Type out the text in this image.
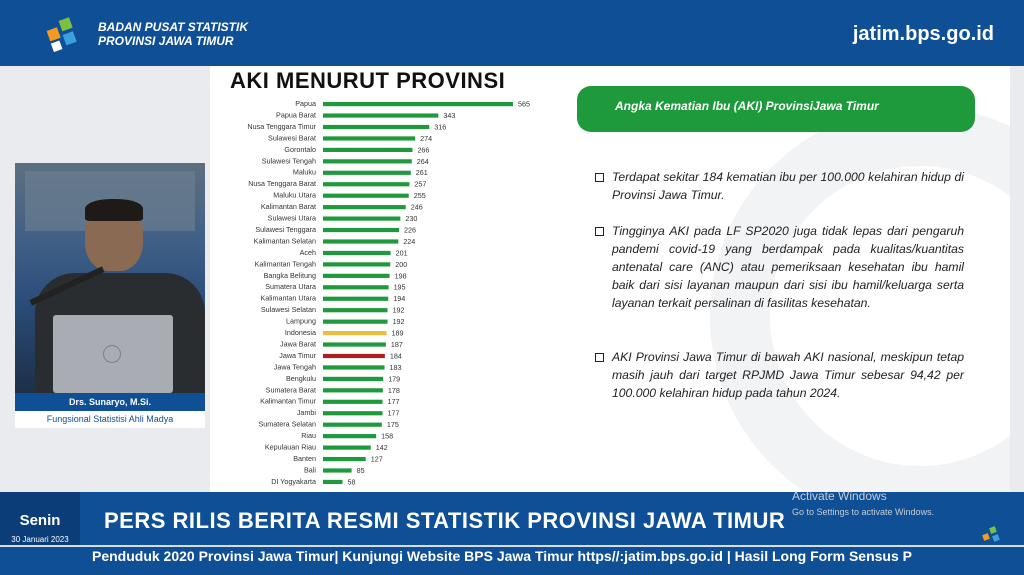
BADAN PUSAT STATISTIK
PROVINSI JAWA TIMUR	jatim.bps.go.id
AKI MENURUT PROVINSI
Papua	565
Papua Barat	343
Nusa Tenggara Timur	316
Sulawesi Barat	274
Gorontalo	266
Sulawesi Tengah	264
Maluku	261
Nusa Tenggara Barat	257
Maluku Utara	255
Kalimantan Barat	246
Sulawesi Utara	230
Sulawesi Tenggara	226
Kalimantan Selatan	224
Aceh	201
Kalimantan Tengah	200
Bangka Belitung	198
Sumatera Utara	195
Kalimantan Utara	194
Sulawesi Selatan	192
Lampung	192
Indonesia	189
Jawa Barat	187
Jawa Timur	184
Jawa Tengah	183
Bengkulu	179
Sumatera Barat	178
Kalimantan Timur	177
Jambi	177
Sumatera Selatan	175
Riau	158
Kepulauan Riau	142
Banten	127
Bali	85
DI Yogyakarta	58
Angka Kematian Ibu (AKI) ProvinsiJawa Timur
Terdapat sekitar 184 kematian ibu per 100.000 kelahiran hidup di Provinsi Jawa Timur.
Tingginya AKI pada LF SP2020 juga tidak lepas dari pengaruh pandemi covid-19 yang berdampak pada kualitas/kuantitas antenatal care (ANC) atau pemeriksaan kesehatan ibu hamil baik dari sisi layanan maupun dari sisi ibu hamil/keluarga serta layanan terkait persalinan di fasilitas kesehatan.
AKI Provinsi Jawa Timur di bawah AKI nasional, meskipun tetap masih jauh dari target RPJMD Jawa Timur sebesar 94,42 per 100.000 kelahiran hidup pada tahun 2024.
Drs. Sunaryo, M.Si.
Fungsional Statistisi Ahli Madya
Senin
30 Januari 2023
PERS RILIS BERITA RESMI STATISTIK PROVINSI JAWA TIMUR
Penduduk 2020 Provinsi Jawa Timur| Kunjungi Website BPS Jawa Timur https//:jatim.bps.go.id | Hasil Long Form Sensus P
Activate Windows
Go to Settings to activate Windows.
